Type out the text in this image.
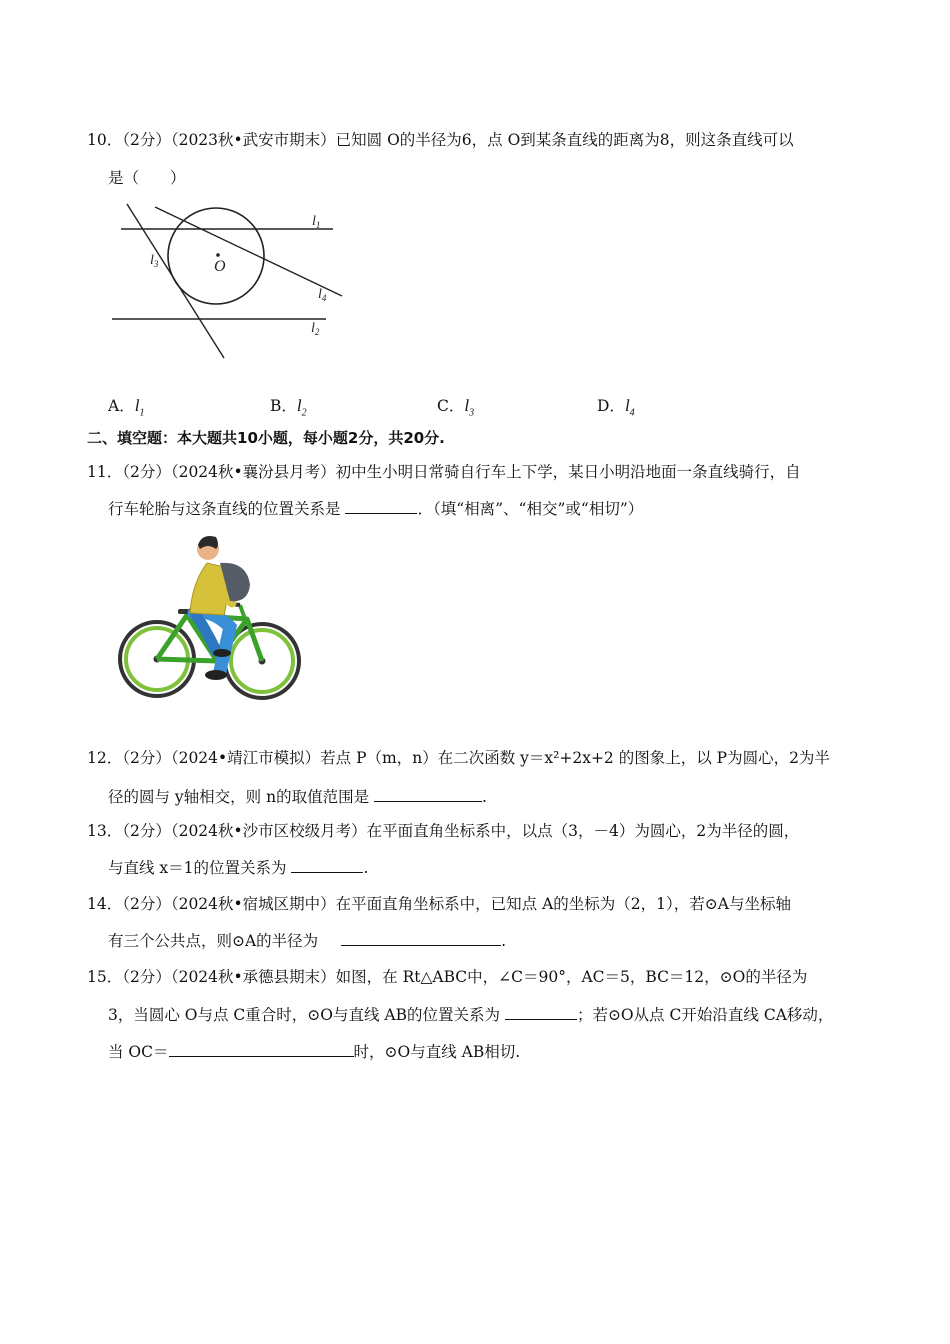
10．（2分）（2023秋•武安市期末）已知圆 O的半径为6，点 O到某条直线的距离为8，则这条直线可以
是（　　）
O
$l_1$
$l_2$
$l_3$
$l_4$
A．$l_1$	B．$l_2$	C．$l_3$	D．$l_4$
二、填空题：本大题共10小题，每小题2分，共20分.
11．（2分）（2024秋•襄汾县月考）初中生小明日常骑自行车上下学，某日小明沿地面一条直线骑行，自
行车轮胎与这条直线的位置关系是	．（填“相离”、“相交”或“相切”）
12．（2分）（2024•靖江市模拟）若点 P（m，n）在二次函数 y＝x²+2x+2 的图象上，以 P为圆心，2为半
径的圆与 y轴相交，则 n的取值范围是	.
13．（2分）（2024秋•沙市区校级月考）在平面直角坐标系中，以点（3，－4）为圆心，2为半径的圆，
与直线 x＝1的位置关系为	.
14．（2分）（2024秋•宿城区期中）在平面直角坐标系中，已知点 A的坐标为（2，1），若⊙A与坐标轴
有三个公共点，则⊙A的半径为	.
15．（2分）（2024秋•承德县期末）如图，在 Rt△ABC中，∠C＝90°，AC＝5，BC＝12，⊙O的半径为
3，当圆心 O与点 C重合时，⊙O与直线 AB的位置关系为	；若⊙O从点 C开始沿直线 CA移动，
当 OC＝	时，⊙O与直线 AB相切.
